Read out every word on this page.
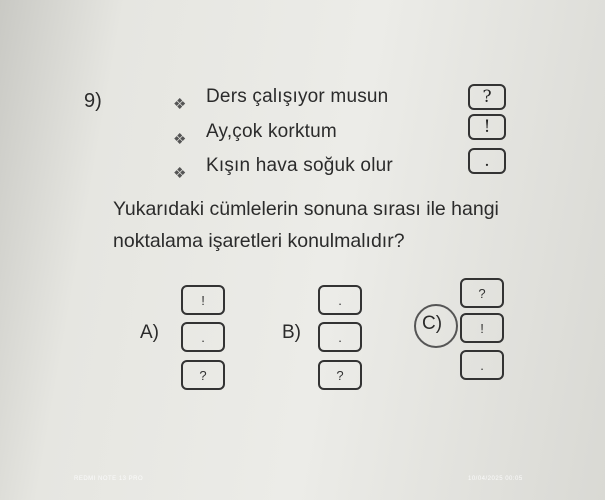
9)	❖ Ders çalışıyor musun
❖ Ay,çok korktum
❖ Kışın hava soğuk olur
?
!
.
Yukarıdaki cümlelerin sonuna sırası ile hangi
noktalama işaretleri konulmalıdır?
A)
!
.
?
B)
.
.
?
C)
?
!
.
REDMI NOTE 13 PRO	10/04/2025 00:05
